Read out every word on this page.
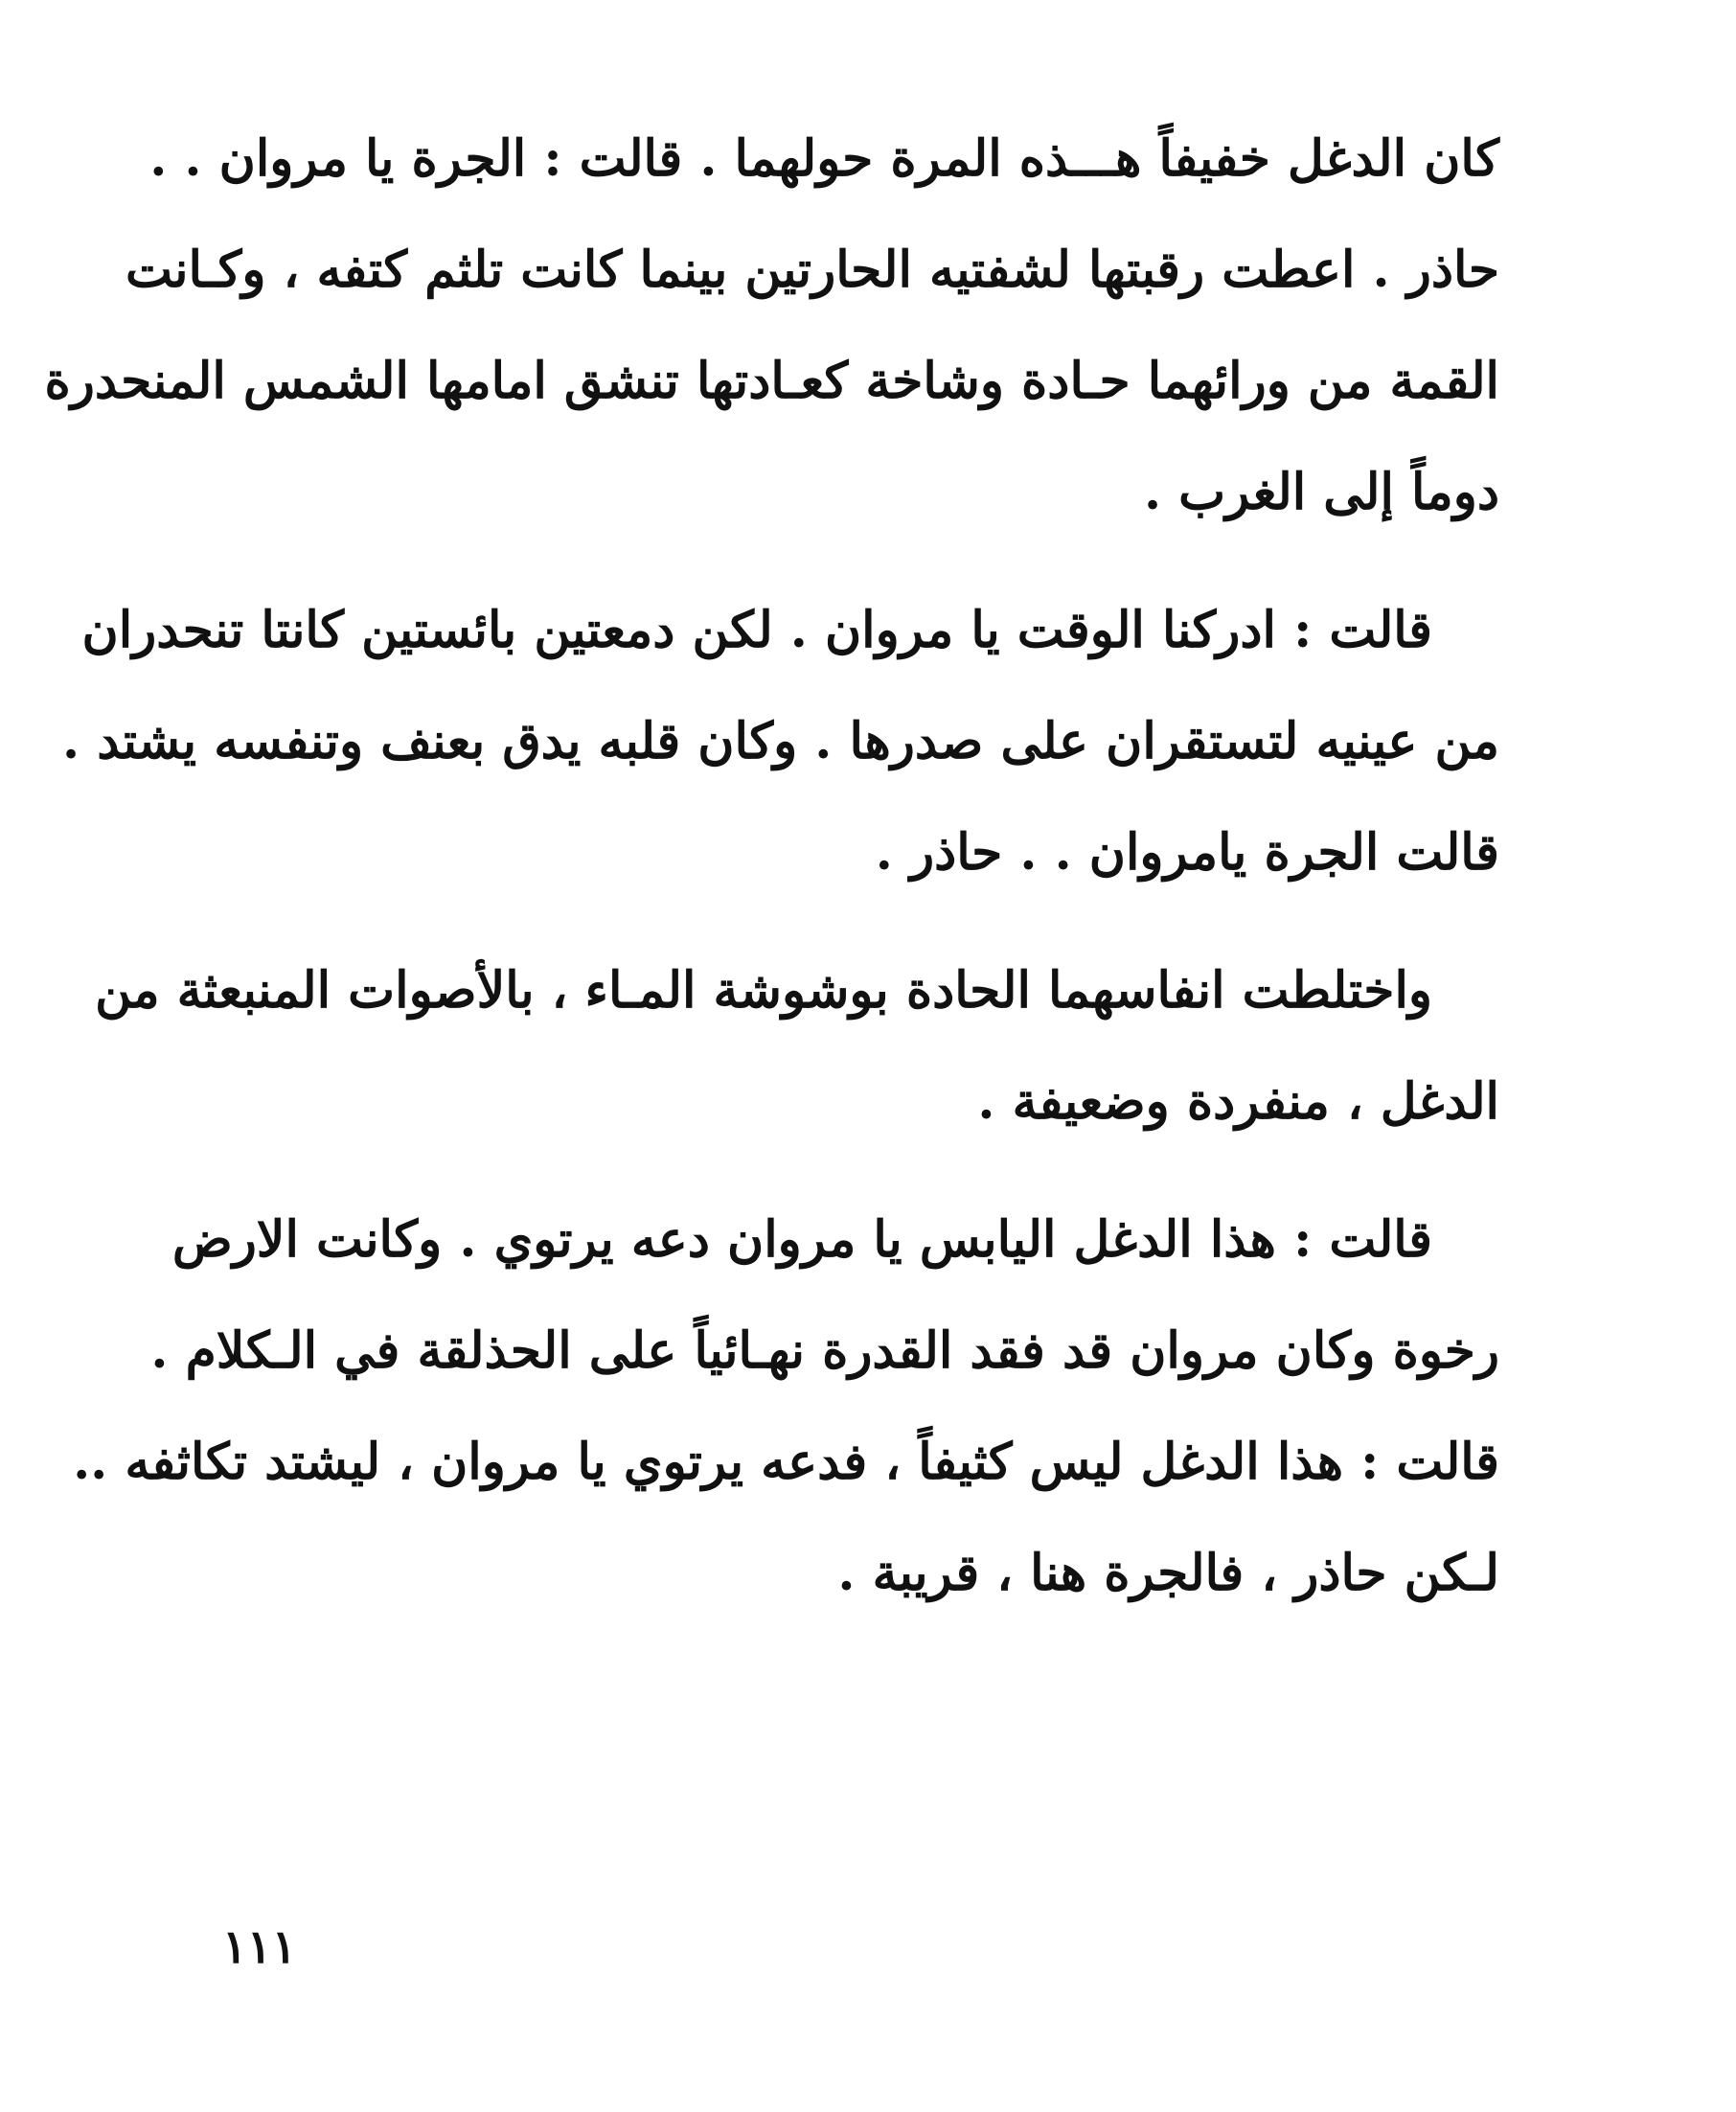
كان الدغل خفيفاً هـــذه المرة حولهما . قالت : الجرة يا مروان . .
حاذر . اعطت رقبتها لشفتيه الحارتين بينما كانت تلثم كتفه ، وكـانت
القمة من ورائهما حـادة وشاخة كعـادتها تنشق امامها الشمس المنحدرة
دوماً إلى الغرب .
قالت : ادركنا الوقت يا مروان . لكن دمعتين بائستين كانتا تنحدران
من عينيه لتستقران على صدرها . وكان قلبه يدق بعنف وتنفسه يشتد .
قالت الجرة يامروان . . حاذر .
واختلطت انفاسهما الحادة بوشوشة المـاء ، بالأصوات المنبعثة من
الدغل ، منفردة وضعيفة .
قالت : هذا الدغل اليابس يا مروان دعه يرتوي . وكانت الارض
رخوة وكان مروان قد فقد القدرة نهـائياً على الحذلقة في الـكلام .
قالت : هذا الدغل ليس كثيفاً ، فدعه يرتوي يا مروان ، ليشتد تكاثفه ..
لـكن حاذر ، فالجرة هنا ، قريبة .
١١١
